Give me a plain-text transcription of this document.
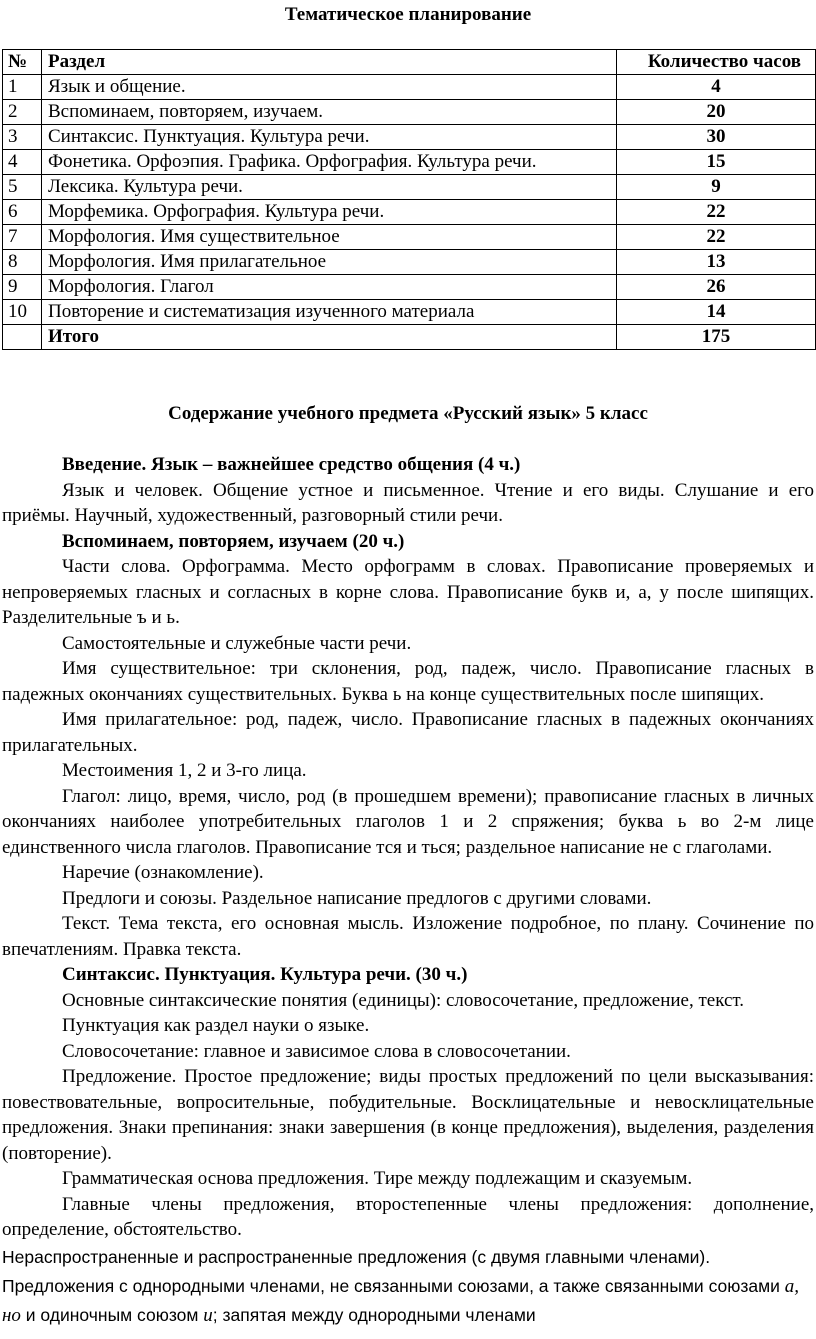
Тематическое планирование
№	Раздел	Количество часов
1	Язык и общение.	4
2	Вспоминаем, повторяем, изучаем.	20
3	Синтаксис. Пунктуация. Культура речи.	30
4	Фонетика. Орфоэпия. Графика. Орфография. Культура речи.	15
5	Лексика. Культура речи.	9
6	Морфемика. Орфография. Культура речи.	22
7	Морфология. Имя существительное	22
8	Морфология. Имя прилагательное	13
9	Морфология. Глагол	26
10	Повторение и систематизация изученного материала	14
	Итого	175
Содержание учебного предмета «Русский язык» 5 класс

Введение. Язык – важнейшее средство общения (4 ч.)

Язык и человек. Общение устное и письменное. Чтение и его виды. Слушание и его приёмы. Научный, художественный, разговорный стили речи.

Вспоминаем, повторяем, изучаем (20 ч.)

Части слова. Орфограмма. Место орфограмм в словах. Правописание проверяемых и непроверяемых гласных и согласных в корне слова. Правописание букв и, а, у после шипящих. Разделительные ъ и ь.

Самостоятельные и служебные части речи.

Имя существительное: три склонения, род, падеж, число. Правописание гласных в падежных окончаниях существительных. Буква ь на конце существительных после шипящих.

Имя прилагательное: род, падеж, число. Правописание гласных в падежных окончаниях прилагательных.

Местоимения 1, 2 и 3-го лица.

Глагол: лицо, время, число, род (в прошедшем времени); правописание гласных в личных окончаниях наиболее употребительных глаголов 1 и 2 спряжения; буква ь во 2-м лице единственного числа глаголов. Правописание тся и ться; раздельное написание не с глаголами.

Наречие (ознакомление).

Предлоги и союзы. Раздельное написание предлогов с другими словами.

Текст. Тема текста, его основная мысль. Изложение подробное, по плану. Сочинение по впечатлениям. Правка текста.

Синтаксис. Пунктуация. Культура речи. (30 ч.)

Основные синтаксические понятия (единицы): словосочетание, предложение, текст.

Пунктуация как раздел науки о языке.

Словосочетание: главное и зависимое слова в словосочетании.

Предложение. Простое предложение; виды простых предложений по цели высказывания: повествовательные, вопросительные, побудительные. Восклицательные и невосклицательные предложения. Знаки препинания: знаки завершения (в конце предложения), выделения, разделения (повторение).

Грамматическая основа предложения. Тире между подлежащим и сказуемым.

Главные члены предложения, второстепенные члены предложения: дополнение, определение, обстоятельство.

Нераспространенные и распространенные предложения (с двумя главными членами).

Предложения с однородными членами, не связанными союзами, а также связанными союзами а, но и одиночным союзом и; запятая между однородными членами
